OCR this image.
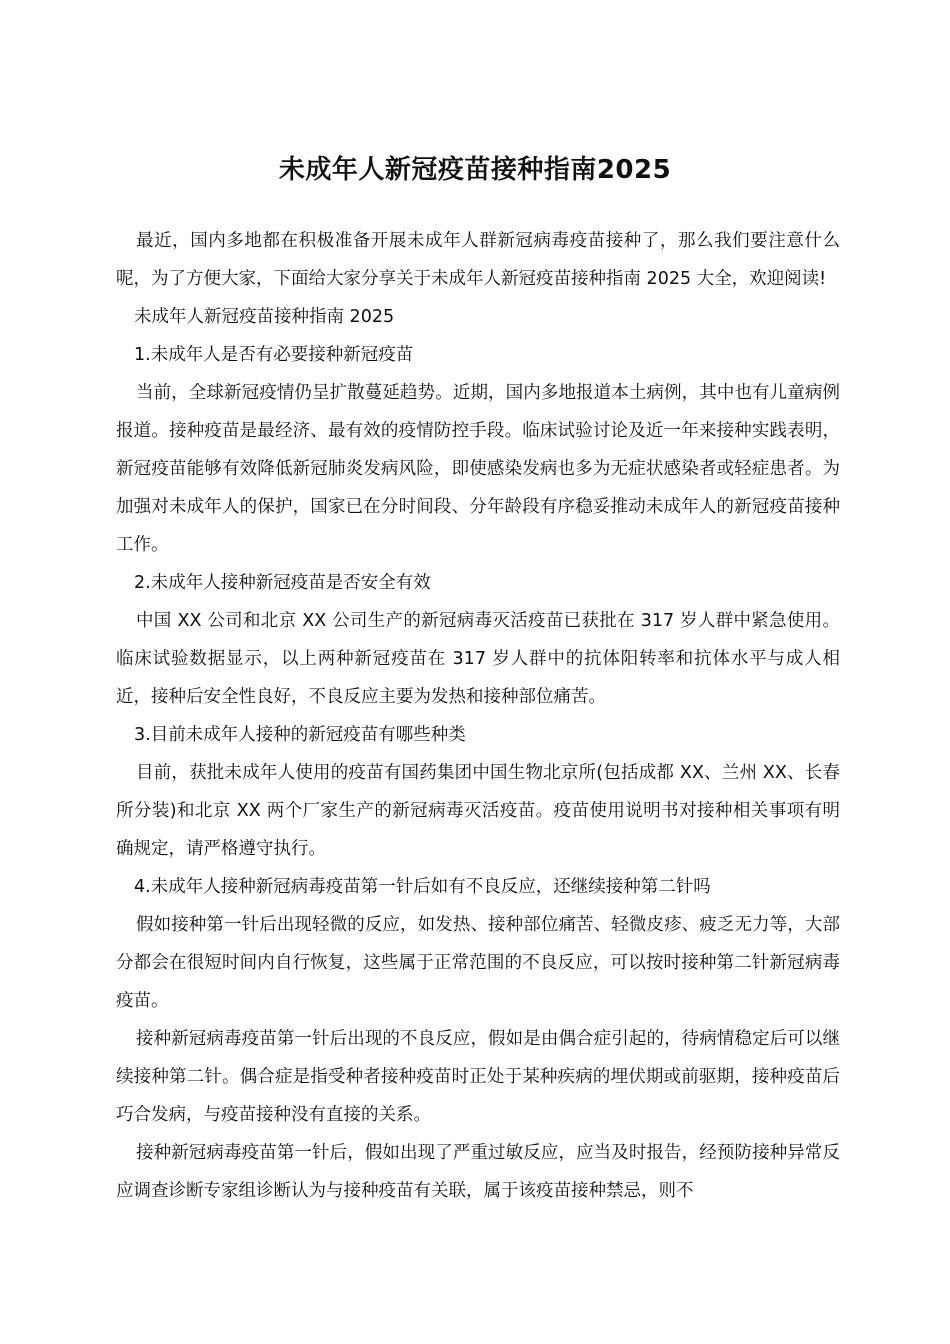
未成年人新冠疫苗接种指南2025

最近，国内多地都在积极准备开展未成年人群新冠病毒疫苗接种了，那么我们要注意什么呢，为了方便大家，下面给大家分享关于未成年人新冠疫苗接种指南 2025 大全，欢迎阅读!

未成年人新冠疫苗接种指南 2025

1.未成年人是否有必要接种新冠疫苗

当前，全球新冠疫情仍呈扩散蔓延趋势。近期，国内多地报道本土病例，其中也有儿童病例报道。接种疫苗是最经济、最有效的疫情防控手段。临床试验讨论及近一年来接种实践表明，新冠疫苗能够有效降低新冠肺炎发病风险，即使感染发病也多为无症状感染者或轻症患者。为加强对未成年人的保护，国家已在分时间段、分年龄段有序稳妥推动未成年人的新冠疫苗接种工作。

2.未成年人接种新冠疫苗是否安全有效

中国 XX 公司和北京 XX 公司生产的新冠病毒灭活疫苗已获批在 317 岁人群中紧急使用。临床试验数据显示，以上两种新冠疫苗在 317 岁人群中的抗体阳转率和抗体水平与成人相近，接种后安全性良好，不良反应主要为发热和接种部位痛苦。

3.目前未成年人接种的新冠疫苗有哪些种类

目前，获批未成年人使用的疫苗有国药集团中国生物北京所(包括成都 XX、兰州 XX、长春所分装)和北京 XX 两个厂家生产的新冠病毒灭活疫苗。疫苗使用说明书对接种相关事项有明确规定，请严格遵守执行。

4.未成年人接种新冠病毒疫苗第一针后如有不良反应，还继续接种第二针吗

假如接种第一针后出现轻微的反应，如发热、接种部位痛苦、轻微皮疹、疲乏无力等，大部分都会在很短时间内自行恢复，这些属于正常范围的不良反应，可以按时接种第二针新冠病毒疫苗。

接种新冠病毒疫苗第一针后出现的不良反应，假如是由偶合症引起的，待病情稳定后可以继续接种第二针。偶合症是指受种者接种疫苗时正处于某种疾病的埋伏期或前驱期，接种疫苗后巧合发病，与疫苗接种没有直接的关系。

接种新冠病毒疫苗第一针后，假如出现了严重过敏反应，应当及时报告，经预防接种异常反应调查诊断专家组诊断认为与接种疫苗有关联，属于该疫苗接种禁忌，则不
